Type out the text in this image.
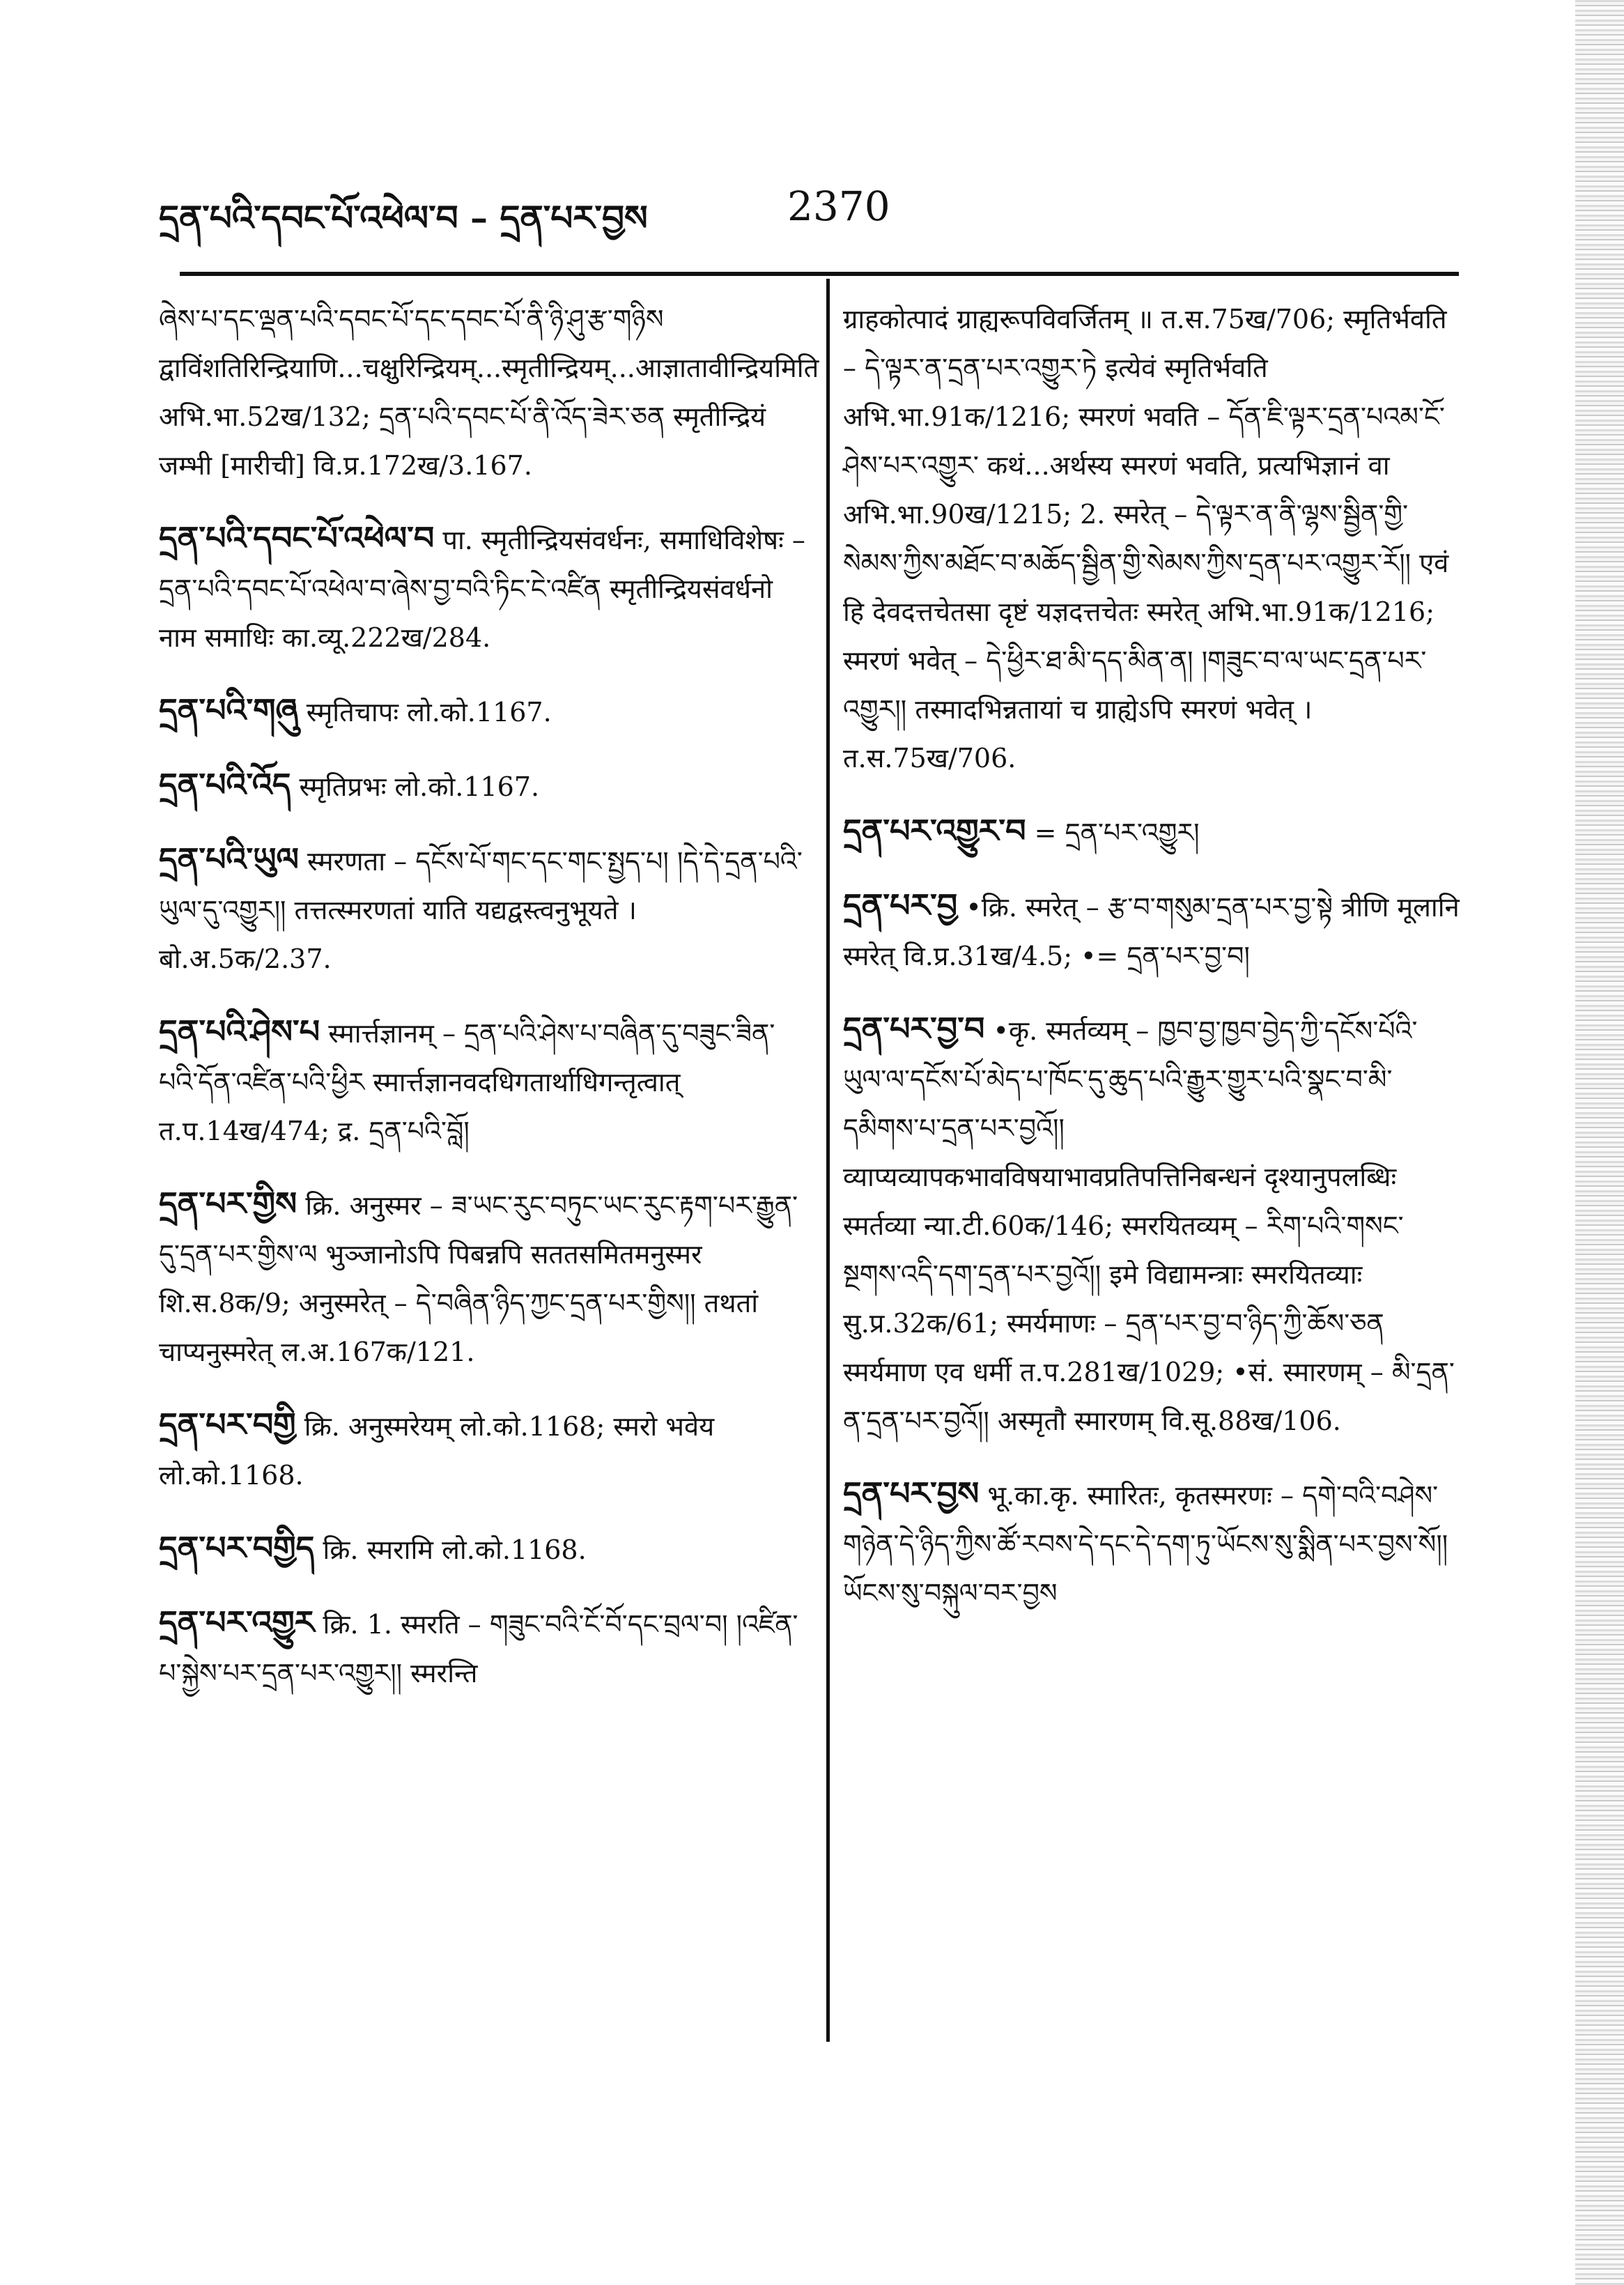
དྲན་པའི་དབང་པོ་འཕེལ་བ – དྲན་པར་བྱས	2370
ཞེས་པ་དང་ལྡན་པའི་དབང་པོ་དང་དབང་པོ་ནི་ཉི་ཤུ་རྩ་གཉིས द्वाविंशतिरिन्द्रियाणि...चक्षुरिन्द्रियम्...स्मृतीन्द्रियम्...आज्ञातावीन्द्रियमिति अभि.भा.52ख/132; དྲན་པའི་དབང་པོ་ནི་འོད་ཟེར་ཅན स्मृतीन्द्रियं जम्भी [मारीची] वि.प्र.172ख/3.167.
དྲན་པའི་དབང་པོ་འཕེལ་བ पा. स्मृतीन्द्रियसंवर्धनः, समाधिविशेषः – དྲན་པའི་དབང་པོ་འཕེལ་བ་ཞེས་བྱ་བའི་ཏིང་ངེ་འཛིན स्मृतीन्द्रियसंवर्धनो नाम समाधिः का.व्यू.222ख/284.
དྲན་པའི་གཞུ स्मृतिचापः लो.को.1167.
དྲན་པའི་འོད स्मृतिप्रभः लो.को.1167.
དྲན་པའི་ཡུལ स्मरणता – དངོས་པོ་གང་དང་གང་སྤྱད་པ། །དེ་དེ་དྲན་པའི་ཡུལ་དུ་འགྱུར།། तत्तत्स्मरणतां याति यद्यद्वस्त्वनुभूयते । बो.अ.5क/2.37.
དྲན་པའི་ཤེས་པ स्मार्त्तज्ञानम् – དྲན་པའི་ཤེས་པ་བཞིན་དུ་བཟུང་ཟིན་པའི་དོན་འཛིན་པའི་ཕྱིར स्मार्त्तज्ञानवदधिगतार्थाधिगन्तृत्वात् त.प.14ख/474; द्र. དྲན་པའི་བློ།
དྲན་པར་གྱིས क्रि. अनुस्मर – ཟ་ཡང་རུང་བཏུང་ཡང་རུང་རྟག་པར་རྒྱུན་དུ་དྲན་པར་གྱིས་ལ भुञ्जानोऽपि पिबन्नपि सततसमितमनुस्मर शि.स.8क/9; अनुस्मरेत् – དེ་བཞིན་ཉིད་ཀྱང་དྲན་པར་གྱིས།། तथतां चाप्यनुस्मरेत् ल.अ.167क/121.
དྲན་པར་བགྱི क्रि. अनुस्मरेयम् लो.को.1168; स्मरो भवेय लो.को.1168.
དྲན་པར་བགྱིད क्रि. स्मरामि लो.को.1168.
དྲན་པར་འགྱུར क्रि. 1. स्मरति – གཟུང་བའི་ངོ་བོ་དང་བྲལ་བ། །འཛིན་པ་སྐྱེས་པར་དྲན་པར་འགྱུར།། स्मरन्ति
ग्राहकोत्पादं ग्राह्यरूपविवर्जितम् ॥ त.स.75ख/706; स्मृतिर्भवति – དེ་ལྟར་ན་དྲན་པར་འགྱུར་ཏེ इत्येवं स्मृतिर्भवति अभि.भा.91क/1216; स्मरणं भवति – དོན་ཇི་ལྟར་དྲན་པའམ་ངོ་ཤེས་པར་འགྱུར་ कथं...अर्थस्य स्मरणं भवति, प्रत्यभिज्ञानं वा अभि.भा.90ख/1215; 2. स्मरेत् – དེ་ལྟར་ན་ནི་ལྷས་སྦྱིན་གྱི་སེམས་ཀྱིས་མཐོང་བ་མཆོད་སྦྱིན་གྱི་སེམས་ཀྱིས་དྲན་པར་འགྱུར་རོ།། एवं हि देवदत्तचेतसा दृष्टं यज्ञदत्तचेतः स्मरेत् अभि.भा.91क/1216; स्मरणं भवेत् – དེ་ཕྱིར་ཐ་མི་དད་མིན་ན། །གཟུང་བ་ལ་ཡང་དྲན་པར་འགྱུར།། तस्मादभिन्नतायां च ग्राह्येऽपि स्मरणं भवेत् । त.स.75ख/706.
དྲན་པར་འགྱུར་བ = དྲན་པར་འགྱུར།
དྲན་པར་བྱ •क्रि. स्मरेत् – རྩ་བ་གསུམ་དྲན་པར་བྱ་སྟེ त्रीणि मूलानि स्मरेत् वि.प्र.31ख/4.5; •= དྲན་པར་བྱ་བ།
དྲན་པར་བྱ་བ •कृ. स्मर्तव्यम् – ཁྱབ་བྱ་ཁྱབ་བྱེད་ཀྱི་དངོས་པོའི་ཡུལ་ལ་དངོས་པོ་མེད་པ་ཁོང་དུ་ཆུད་པའི་རྒྱུར་གྱུར་པའི་སྣང་བ་མི་དམིགས་པ་དྲན་པར་བྱའོ།། व्याप्यव्यापकभावविषयाभावप्रतिपत्तिनिबन्धनं दृश्यानुपलब्धिः स्मर्तव्या न्या.टी.60क/146; स्मरयितव्यम् – རིག་པའི་གསང་སྔགས་འདི་དག་དྲན་པར་བྱའོ།། इमे विद्यामन्त्राः स्मरयितव्याः सु.प्र.32क/61; स्मर्यमाणः – དྲན་པར་བྱ་བ་ཉིད་ཀྱི་ཆོས་ཅན स्मर्यमाण एव धर्मी त.प.281ख/1029; •सं. स्मारणम् – མི་དྲན་ན་དྲན་པར་བྱའོ།། अस्मृतौ स्मारणम् वि.सू.88ख/106.
དྲན་པར་བྱས भू.का.कृ. स्मारितः, कृतस्मरणः – དགེ་བའི་བཤེས་གཉེན་དེ་ཉིད་ཀྱིས་ཚོ་རབས་དེ་དང་དེ་དག་ཏུ་ཡོངས་སུ་སྨིན་པར་བྱས་སོ།། ཡོངས་སུ་བསྐུལ་བར་བྱས
